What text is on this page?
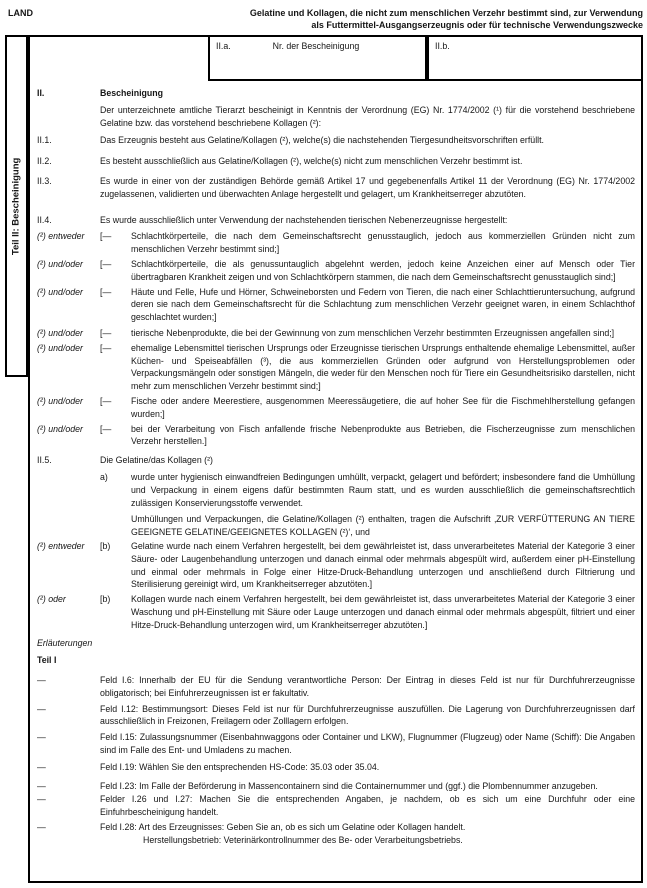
LAND	Gelatine und Kollagen, die nicht zum menschlichen Verzehr bestimmt sind, zur Verwendung
als Futtermittel-Ausgangserzeugnis oder für technische Verwendungszwecke
Teil II: Bescheinigung
II.a.	Nr. der Bescheinigung	II.b.
II.	Bescheinigung
Der unterzeichnete amtliche Tierarzt bescheinigt in Kenntnis der Verordnung (EG) Nr. 1774/2002 (¹) für die vorstehend beschriebene Gelatine bzw. das vorstehend beschriebene Kollagen (²):
II.1.	Das Erzeugnis besteht aus Gelatine/Kollagen (²), welche(s) die nachstehenden Tiergesundheitsvorschriften erfüllt.
II.2.	Es besteht ausschließlich aus Gelatine/Kollagen (²), welche(s) nicht zum menschlichen Verzehr bestimmt ist.
II.3.	Es wurde in einer von der zuständigen Behörde gemäß Artikel 17 und gegebenenfalls Artikel 11 der Verordnung (EG) Nr. 1774/2002 zugelassenen, validierten und überwachten Anlage hergestellt und gelagert, um Krankheitserreger abzutöten.
II.4.	Es wurde ausschließlich unter Verwendung der nachstehenden tierischen Nebenerzeugnisse hergestellt:
(²) entweder	[—	Schlachtkörperteile, die nach dem Gemeinschaftsrecht genusstauglich, jedoch aus kommerziellen Gründen nicht zum menschlichen Verzehr bestimmt sind;]
(²) und/oder	[—	Schlachtkörperteile, die als genussuntauglich abgelehnt werden, jedoch keine Anzeichen einer auf Mensch oder Tier übertragbaren Krankheit zeigen und von Schlachtkörpern stammen, die nach dem Gemeinschaftsrecht genusstauglich sind;]
(²) und/oder	[—	Häute und Felle, Hufe und Hörner, Schweineborsten und Federn von Tieren, die nach einer Schlachttieruntersuchung, aufgrund deren sie nach dem Gemeinschaftsrecht für die Schlachtung zum menschlichen Verzehr geeignet waren, in einem Schlachthof geschlachtet wurden;]
(²) und/oder	[—	tierische Nebenprodukte, die bei der Gewinnung von zum menschlichen Verzehr bestimmten Erzeugnissen angefallen sind;]
(²) und/oder	[—	ehemalige Lebensmittel tierischen Ursprungs oder Erzeugnisse tierischen Ursprungs enthaltende ehemalige Lebensmittel, außer Küchen- und Speiseabfällen (³), die aus kommerziellen Gründen oder aufgrund von Herstellungsproblemen oder Verpackungsmängeln oder sonstigen Mängeln, die weder für den Menschen noch für Tiere ein Gesundheitsrisiko darstellen, nicht mehr zum menschlichen Verzehr bestimmt sind;]
(²) und/oder	[—	Fische oder andere Meerestiere, ausgenommen Meeressäugetiere, die auf hoher See für die Fischmehlherstellung gefangen wurden;]
(²) und/oder	[—	bei der Verarbeitung von Fisch anfallende frische Nebenprodukte aus Betrieben, die Fischerzeugnisse zum menschlichen Verzehr herstellen.]
II.5.	Die Gelatine/das Kollagen (²)
a)	wurde unter hygienisch einwandfreien Bedingungen umhüllt, verpackt, gelagert und befördert; insbesondere fand die Umhüllung und Verpackung in einem eigens dafür bestimmten Raum statt, und es wurden ausschließlich die gemeinschaftsrechtlich zulässigen Konservierungsstoffe verwendet.
Umhüllungen und Verpackungen, die Gelatine/Kollagen (²) enthalten, tragen die Aufschrift ‚ZUR VERFÜTTERUNG AN TIERE GEEIGNETE GELATINE/GEEIGNETES KOLLAGEN (²)‘, und
(²) entweder	[b)	Gelatine wurde nach einem Verfahren hergestellt, bei dem gewährleistet ist, dass unverarbeitetes Material der Kategorie 3 einer Säure- oder Laugenbehandlung unterzogen und danach einmal oder mehrmals abgespült wird, außerdem einer pH-Einstellung und einmal oder mehrmals in Folge einer Hitze-Druck-Behandlung unterzogen und anschließend durch Filtrierung und Sterilisierung gereinigt wird, um Krankheitserreger abzutöten.]
(²) oder	[b)	Kollagen wurde nach einem Verfahren hergestellt, bei dem gewährleistet ist, dass unverarbeitetes Material der Kategorie 3 einer Waschung und pH-Einstellung mit Säure oder Lauge unterzogen und danach einmal oder mehrmals abgespült, filtriert und einer Hitze-Druck-Behandlung unterzogen wird, um Krankheitserreger abzutöten.]
Erläuterungen
Teil I
—	Feld I.6: Innerhalb der EU für die Sendung verantwortliche Person: Der Eintrag in dieses Feld ist nur für Durchfuhrerzeugnisse obligatorisch; bei Einfuhrerzeugnissen ist er fakultativ.
—	Feld I.12: Bestimmungsort: Dieses Feld ist nur für Durchfuhrerzeugnisse auszufüllen. Die Lagerung von Durchfuhrerzeugnissen darf ausschließlich in Freizonen, Freilagern oder Zolllagern erfolgen.
—	Feld I.15: Zulassungsnummer (Eisenbahnwaggons oder Container und LKW), Flugnummer (Flugzeug) oder Name (Schiff): Die Angaben sind im Falle des Ent- und Umladens zu machen.
—	Feld I.19: Wählen Sie den entsprechenden HS-Code: 35.03 oder 35.04.
—	Feld I.23: Im Falle der Beförderung in Massencontainern sind die Containernummer und (ggf.) die Plombennummer anzugeben.
—	Felder I.26 und I.27: Machen Sie die entsprechenden Angaben, je nachdem, ob es sich um eine Durchfuhr oder eine Einfuhrbescheinigung handelt.
—	Feld I.28: Art des Erzeugnisses: Geben Sie an, ob es sich um Gelatine oder Kollagen handelt.
Herstellungsbetrieb: Veterinärkontrollnummer des Be- oder Verarbeitungsbetriebs.
